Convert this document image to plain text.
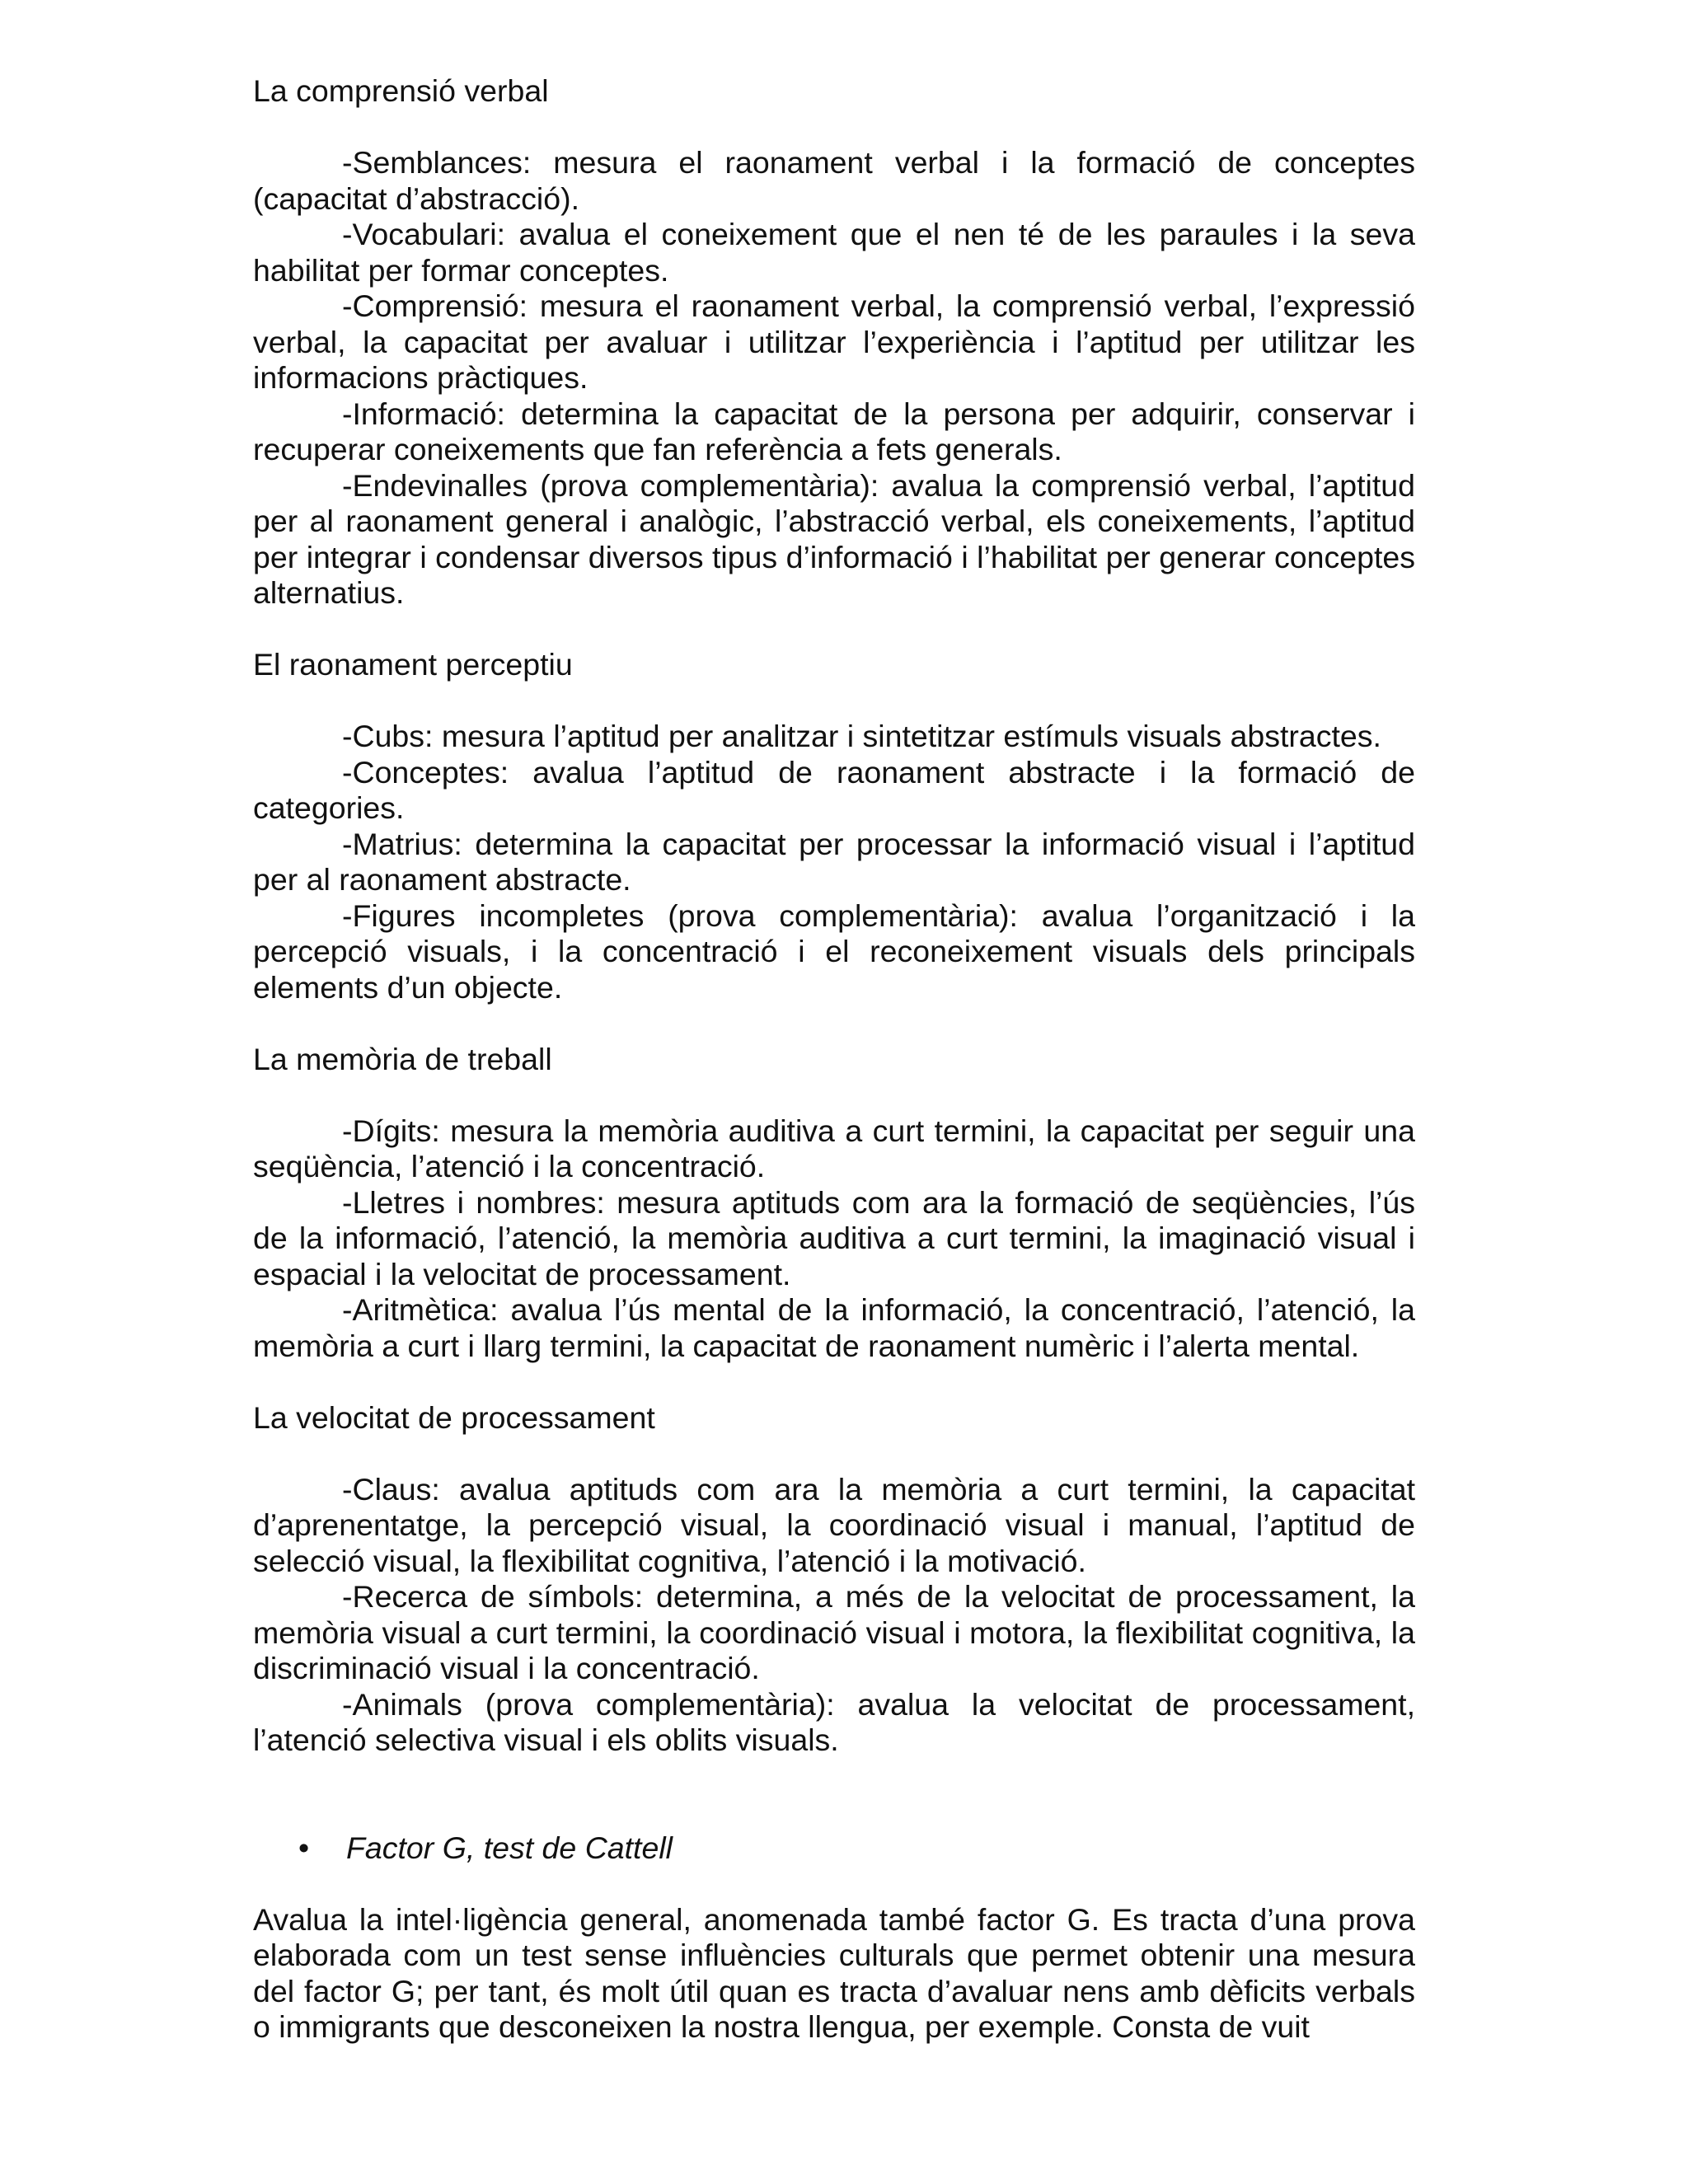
La comprensió verbal

-Semblances: mesura el raonament verbal i la formació de conceptes (capacitat d’abstracció).

-Vocabulari: avalua el coneixement que el nen té de les paraules i la seva habilitat per formar conceptes.

-Comprensió: mesura el raonament verbal, la comprensió verbal, l’expressió verbal, la capacitat per avaluar i utilitzar l’experiència i l’aptitud per utilitzar les informacions pràctiques.

-Informació: determina la capacitat de la persona per adquirir, conservar i recuperar coneixements que fan referència a fets generals.

-Endevinalles (prova complementària): avalua la comprensió verbal, l’aptitud per al raonament general i analògic, l’abstracció verbal, els coneixements, l’aptitud per integrar i condensar diversos tipus d’informació i l’habilitat per generar conceptes alternatius.

El raonament perceptiu

-Cubs: mesura l’aptitud per analitzar i sintetitzar estímuls visuals abstractes.

-Conceptes: avalua l’aptitud de raonament abstracte i la formació de categories.

-Matrius: determina la capacitat per processar la informació visual i l’aptitud per al raonament abstracte.

-Figures incompletes (prova complementària): avalua l’organització i la percepció visuals, i la concentració i el reconeixement visuals dels principals elements d’un objecte.

La memòria de treball

-Dígits: mesura la memòria auditiva a curt termini, la capacitat per seguir una seqüència, l’atenció i la concentració.

-Lletres i nombres: mesura aptituds com ara la formació de seqüències, l’ús de la informació, l’atenció, la memòria auditiva a curt termini, la imaginació visual i espacial i la velocitat de processament.

-Aritmètica: avalua l’ús mental de la informació, la concentració, l’atenció, la memòria a curt i llarg termini, la capacitat de raonament numèric i l’alerta mental.

La velocitat de processament

-Claus: avalua aptituds com ara la memòria a curt termini, la capacitat d’aprenentatge, la percepció visual, la coordinació visual i manual, l’aptitud de selecció visual, la flexibilitat cognitiva, l’atenció i la motivació.

-Recerca de símbols: determina, a més de la velocitat de processament, la memòria visual a curt termini, la coordinació visual i motora, la flexibilitat cognitiva, la discriminació visual i la concentració.

-Animals (prova complementària): avalua la velocitat de processament, l’atenció selectiva visual i els oblits visuals.

• Factor G, test de Cattell

Avalua la intel·ligència general, anomenada també factor G. Es tracta d’una prova elaborada com un test sense influències culturals que permet obtenir una mesura del factor G; per tant, és molt útil quan es tracta d’avaluar nens amb dèficits verbals o immigrants que desconeixen la nostra llengua, per exemple. Consta de vuit
